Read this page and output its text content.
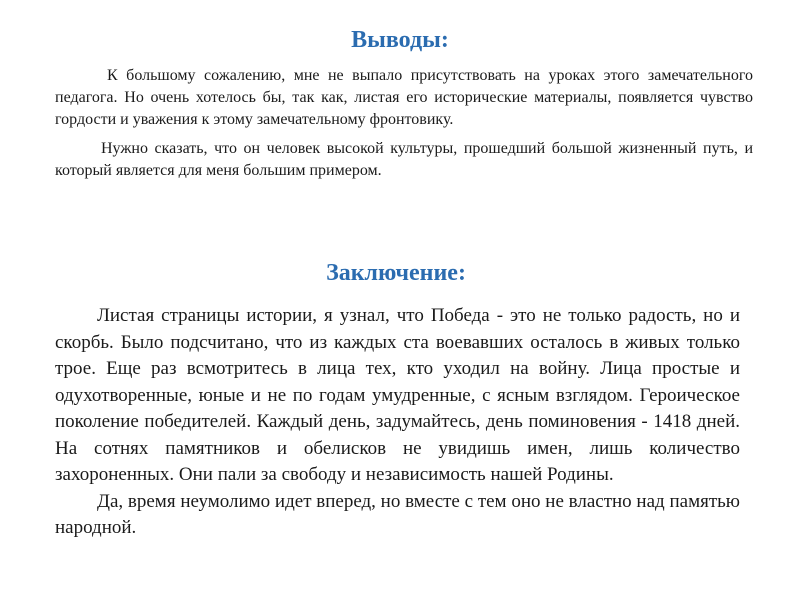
Выводы:

К большому сожалению, мне не выпало присутствовать на уроках этого замечательного педагога. Но очень хотелось бы, так как, листая его исторические материалы, появляется чувство гордости и уважения к этому замечательному фронтовику.

Нужно сказать, что он человек высокой культуры, прошедший большой жизненный путь, и который является для меня большим примером.

Заключение:

Листая страницы истории, я узнал, что Победа - это не только радость, но и скорбь. Было подсчитано, что из каждых ста воевавших осталось в живых только трое. Еще раз всмотритесь в лица тех, кто уходил на войну. Лица простые и одухотворенные, юные и не по годам умудренные, с ясным взглядом. Героическое поколение победителей. Каждый день, задумайтесь, день поминовения - 1418 дней. На сотнях памятников и обелисков не увидишь имен, лишь количество захороненных. Они пали за свободу и независимость нашей Родины.

Да, время неумолимо идет вперед, но вместе с тем оно не властно над памятью народной.
